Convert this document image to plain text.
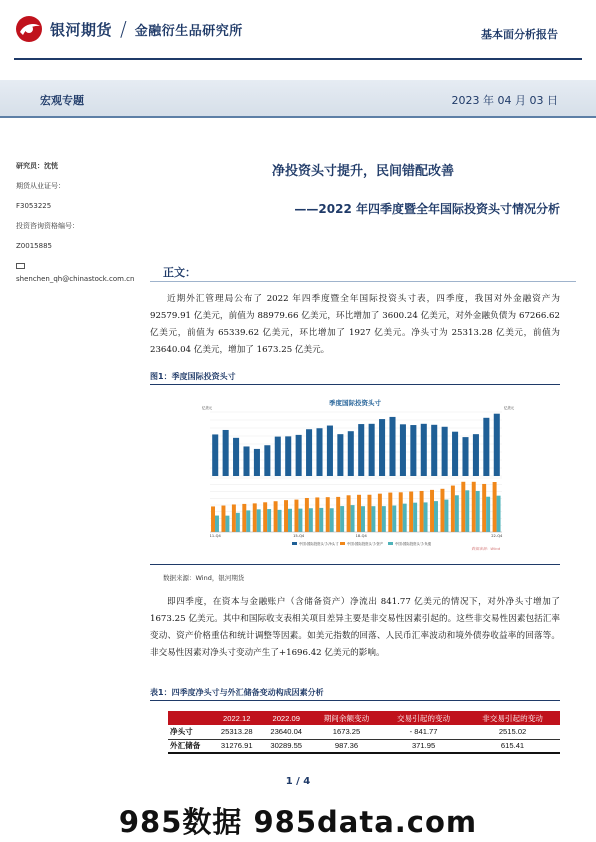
银河期货 / 金融衍生品研究所	基本面分析报告
宏观专题	2023 年 04 月 03 日
研究员：沈恍
期货从业证号：
F3053225
投资咨询资格编号：
Z0015885
shenchen_qh@chinastock.com.cn
净投资头寸提升，民间错配改善
——2022 年四季度暨全年国际投资头寸情况分析
正文：

近期外汇管理局公布了 2022 年四季度暨全年国际投资头寸表，四季度，我国对外金融资产为 92579.91 亿美元，前值为 88979.66 亿美元，环比增加了 3600.24 亿美元，对外金融负债为 67266.62 亿美元，前值为 65339.62 亿美元，环比增加了 1927 亿美元。净头寸为 25313.28 亿美元，前值为 23640.04 亿美元，增加了 1673.25 亿美元。

图1：季度国际投资头寸
季度国际投资头寸
亿美元	亿美元
11-Q4	15-Q4	18-Q4	22-Q4
中国:国际投资头寸:净头寸 中国:国际投资头寸:资产	中国:国际投资头寸:负债
数据来源：Wind
数据来源：Wind，银河期货

即四季度，在资本与金融账户（含储备资产）净流出 841.77 亿美元的情况下，对外净头寸增加了 1673.25 亿美元。其中和国际收支表相关项目差异主要是非交易性因素引起的。这些非交易性因素包括汇率变动、资产价格重估和统计调整等因素。如美元指数的回落、人民币汇率波动和境外债券收益率的回落等。非交易性因素对净头寸变动产生了+1696.42 亿美元的影响。

表1：四季度净头寸与外汇储备变动构成因素分析
	2022.12	2022.09	期间余额变动	交易引起的变动	非交易引起的变动
净头寸	25313.28	23640.04	1673.25	- 841.77	2515.02
外汇储备	31276.91	30289.55	987.36	371.95	615.41
1 / 4
985数据 985data.com
